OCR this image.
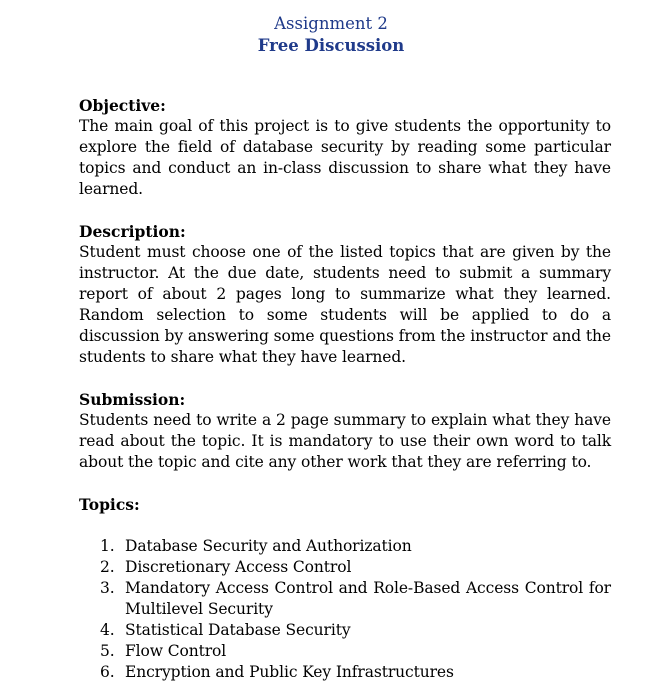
Assignment 2
Free Discussion

Objective:

The main goal of this project is to give students the opportunity to explore the field of database security by reading some particular topics and conduct an in-class discussion to share what they have learned.

Description:

Student must choose one of the listed topics that are given by the instructor. At the due date, students need to submit a summary report of about 2 pages long to summarize what they learned. Random selection to some students will be applied to do a discussion by answering some questions from the instructor and the students to share what they have learned.

Submission:

Students need to write a 2 page summary to explain what they have read about the topic. It is mandatory to use their own word to talk about the topic and cite any other work that they are referring to.

Topics:

1. Database Security and Authorization
2. Discretionary Access Control
3. Mandatory Access Control and Role-Based Access Control for Multilevel Security
4. Statistical Database Security
5. Flow Control
6. Encryption and Public Key Infrastructures
